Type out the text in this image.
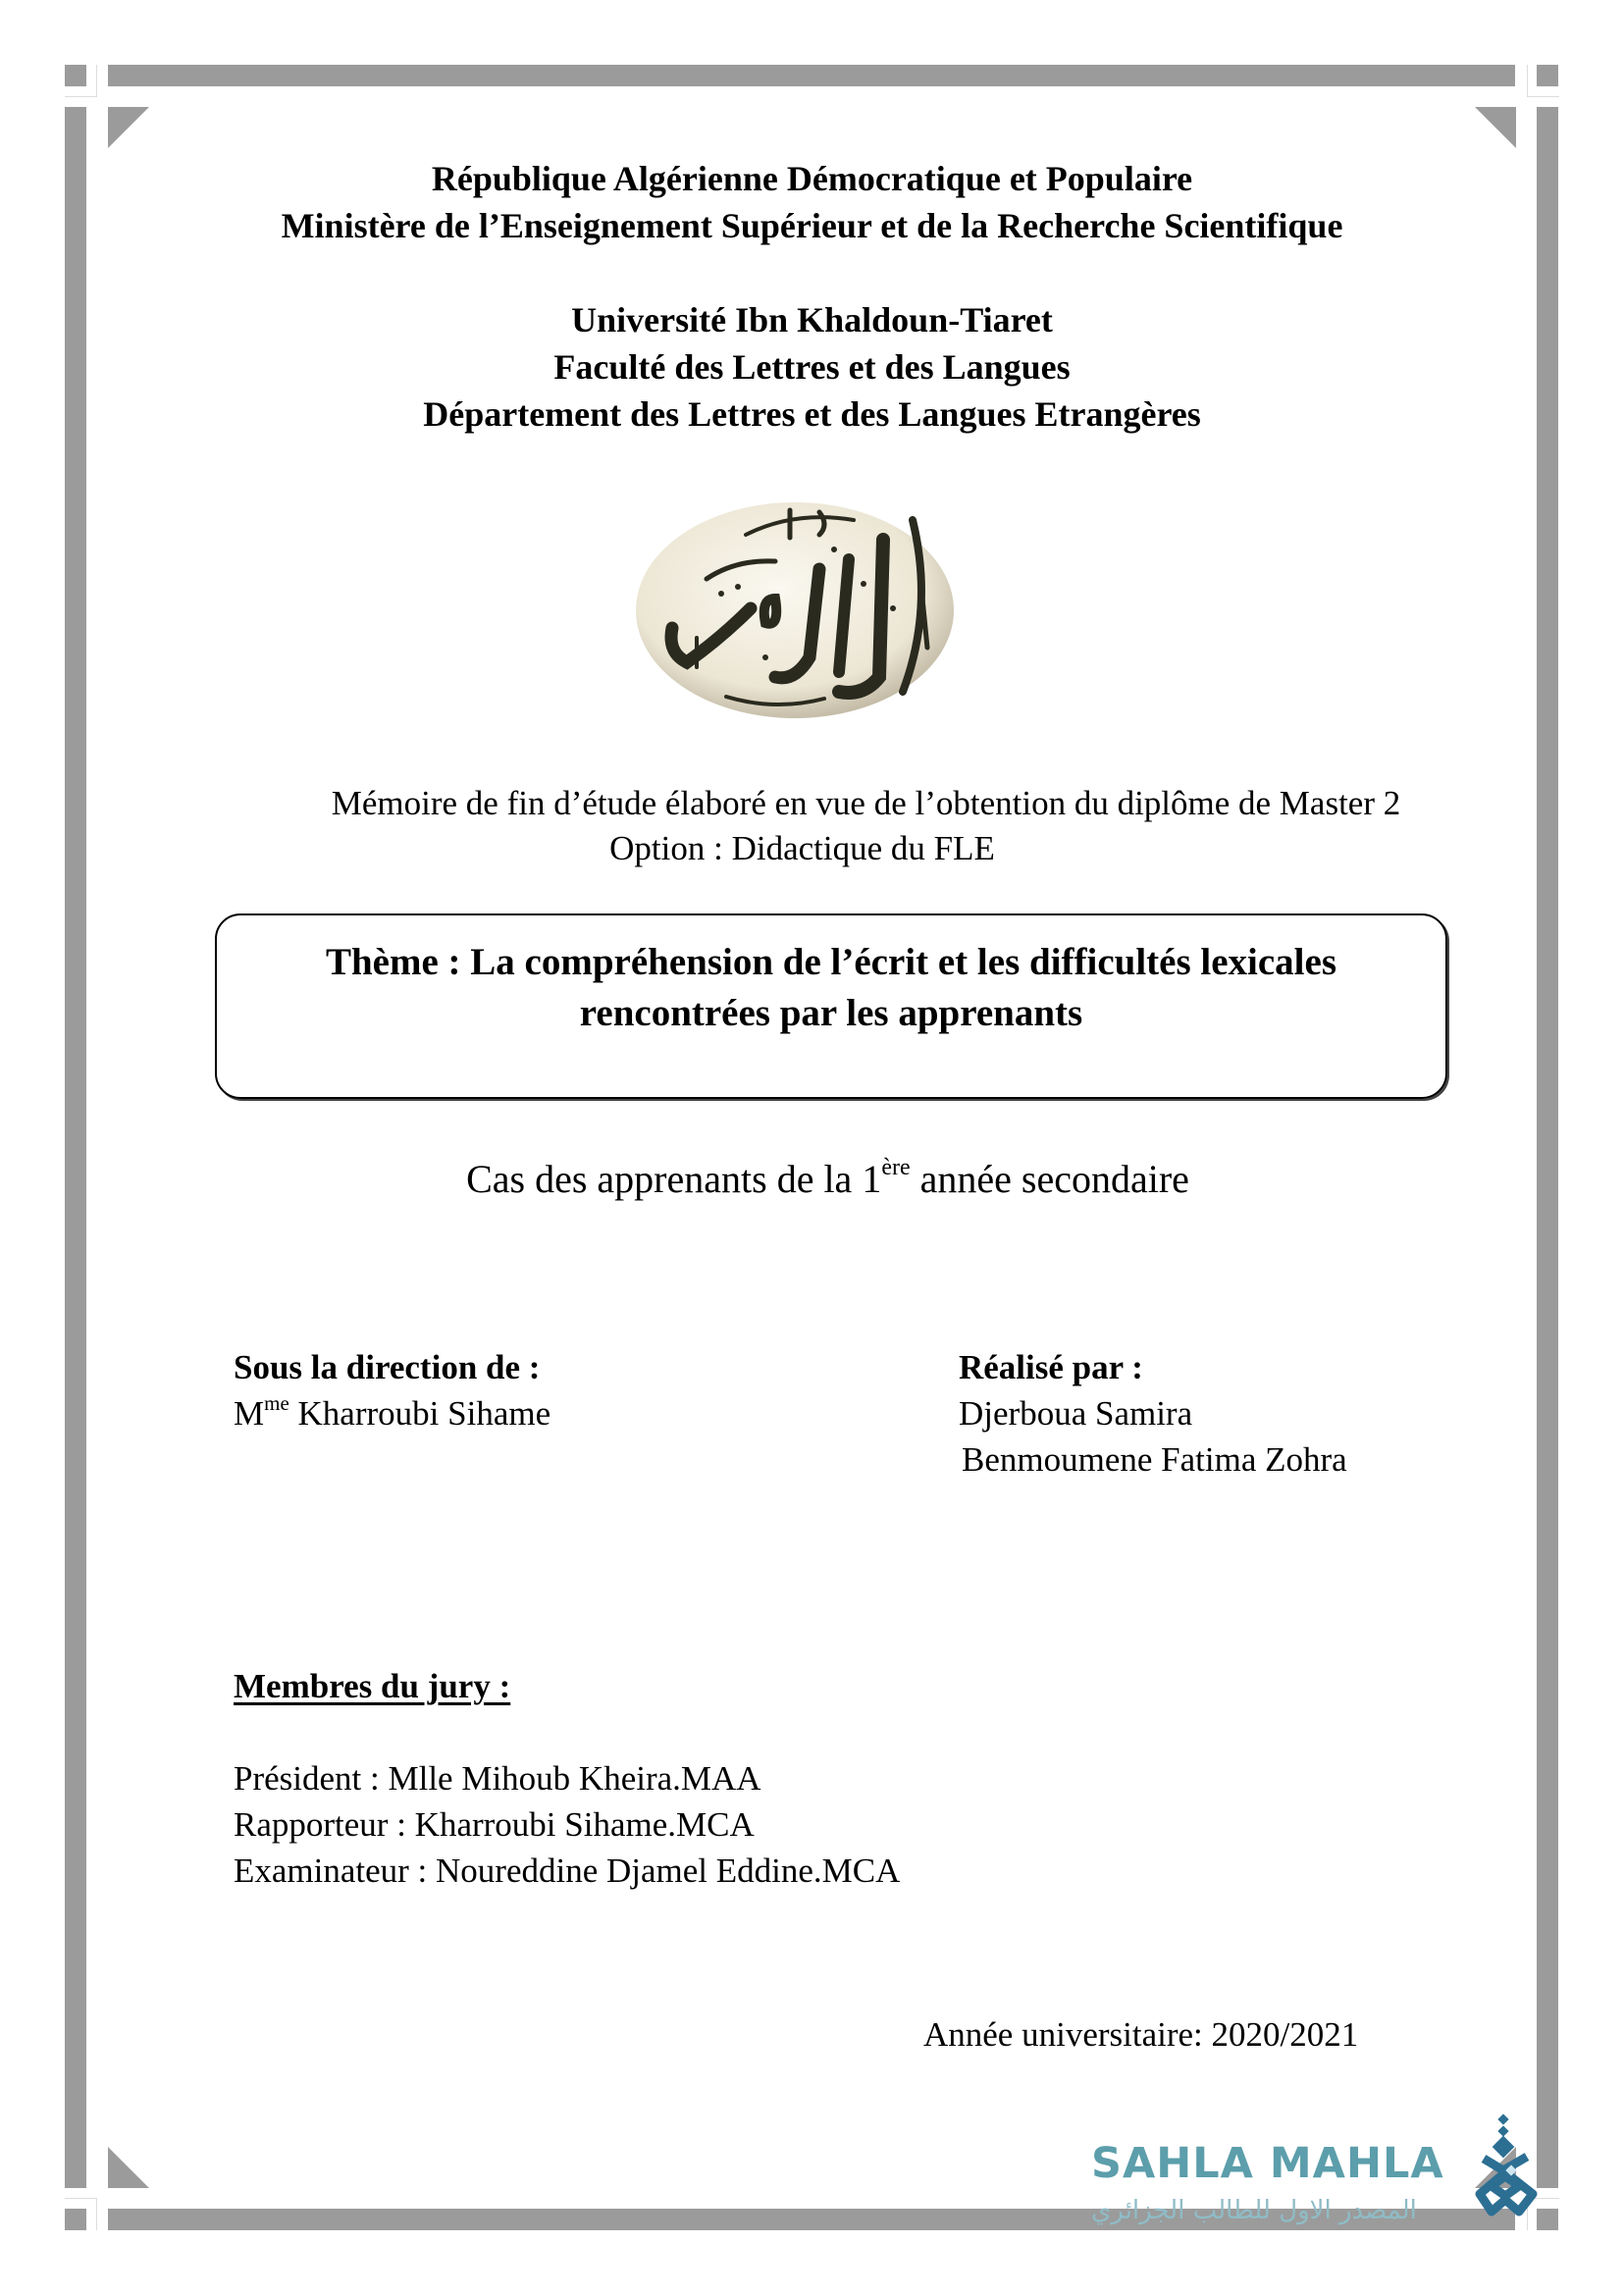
République Algérienne Démocratique et Populaire
Ministère de l’Enseignement Supérieur et de la Recherche Scientifique
Université Ibn Khaldoun-Tiaret
Faculté des Lettres et des Langues
Département des Lettres et des Langues Etrangères
Mémoire de fin d’étude élaboré en vue de l’obtention du diplôme de Master 2
Option : Didactique du FLE
Thème : La compréhension de l’écrit et les difficultés lexicales
rencontrées par les apprenants
Cas des apprenants de la 1ère année secondaire
Sous la direction de :
$M^{me}$ Kharroubi Sihame
Réalisé par :
Djerboua Samira
Benmoumene Fatima Zohra
Membres du jury :
Président : Mlle Mihoub Kheira.MAA
Rapporteur : Kharroubi Sihame.MCA
Examinateur : Noureddine Djamel Eddine.MCA
Année universitaire: 2020/2021
SAHLA MAHLA
المصدر الاول للطالب الجزائري
